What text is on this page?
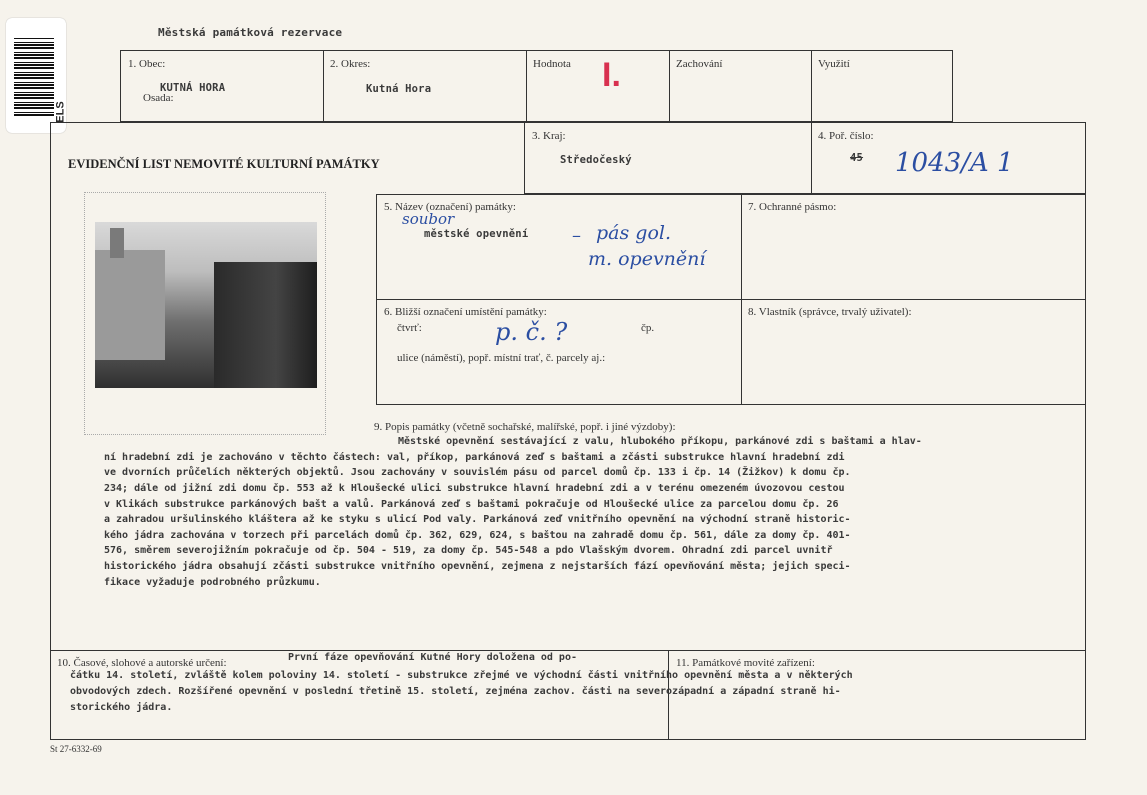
ELS
Městská památková rezervace
1. Obec:
KUTNÁ HORA
Osada:
2. Okres:
Kutná Hora
Hodnota I.	Zachování	Využití
EVIDENČNÍ LIST NEMOVITÉ KULTURNÍ PAMÁTKY
3. Kraj:
Středočeský
4. Poř. číslo:
45 1043/A 1
5. Název (označení) památky:
soubor
městské opevnění – pás gol.
m. opevnění
7. Ochranné pásmo:
6. Bližší označení umístění památky:
čtvrť:	p. č. ?	čp.
ulice (náměstí), popř. místní trať, č. parcely aj.:
8. Vlastník (správce, trvalý uživatel):
9. Popis památky (včetně sochařské, malířské, popř. i jiné výzdoby):
Městské opevnění sestávající z valu, hlubokého příkopu, parkánové zdi s baštami a hlav-
ní hradební zdi je zachováno v těchto částech: val, příkop, parkánová zeď s baštami a zčásti substrukce hlavní hradební zdi
ve dvorních průčelích některých objektů. Jsou zachovány v souvislém pásu od parcel domů čp. 133 i čp. 14 (Žižkov) k domu čp.
234; dále od jižní zdi domu čp. 553 až k Hloušecké ulici substrukce hlavní hradební zdi a v terénu omezeném úvozovou cestou
v Klikách substrukce parkánových bašt a valů. Parkánová zeď s baštami pokračuje od Hloušecké ulice za parcelou domu čp. 26
a zahradou uršulinského kláštera až ke styku s ulicí Pod valy. Parkánová zeď vnitřního opevnění na východní straně historic-
kého jádra zachována v torzech při parcelách domů čp. 362, 629, 624, s baštou na zahradě domu čp. 561, dále za domy čp. 401-
576, směrem severojižním pokračuje od čp. 504 - 519, za domy čp. 545-548 a pdo Vlašským dvorem. Ohradní zdi parcel uvnitř
historického jádra obsahují zčásti substrukce vnitřního opevnění, zejmena z nejstarších fází opevňování města; jejich speci-
fikace vyžaduje podrobného průzkumu.
10. Časové, slohové a autorské určení:	První fáze opevňování Kutné Hory doložena od po-	11. Památkové movité zařízení:
čátku 14. století, zvláště kolem poloviny 14. století - substrukce zřejmé ve východní části vnitřního opevnění města a v některých
obvodových zdech. Rozšířené opevnění v poslední třetině 15. století, zejména zachov. části na severozápadní a západní straně hi-
storického jádra.
St 27-6332-69
